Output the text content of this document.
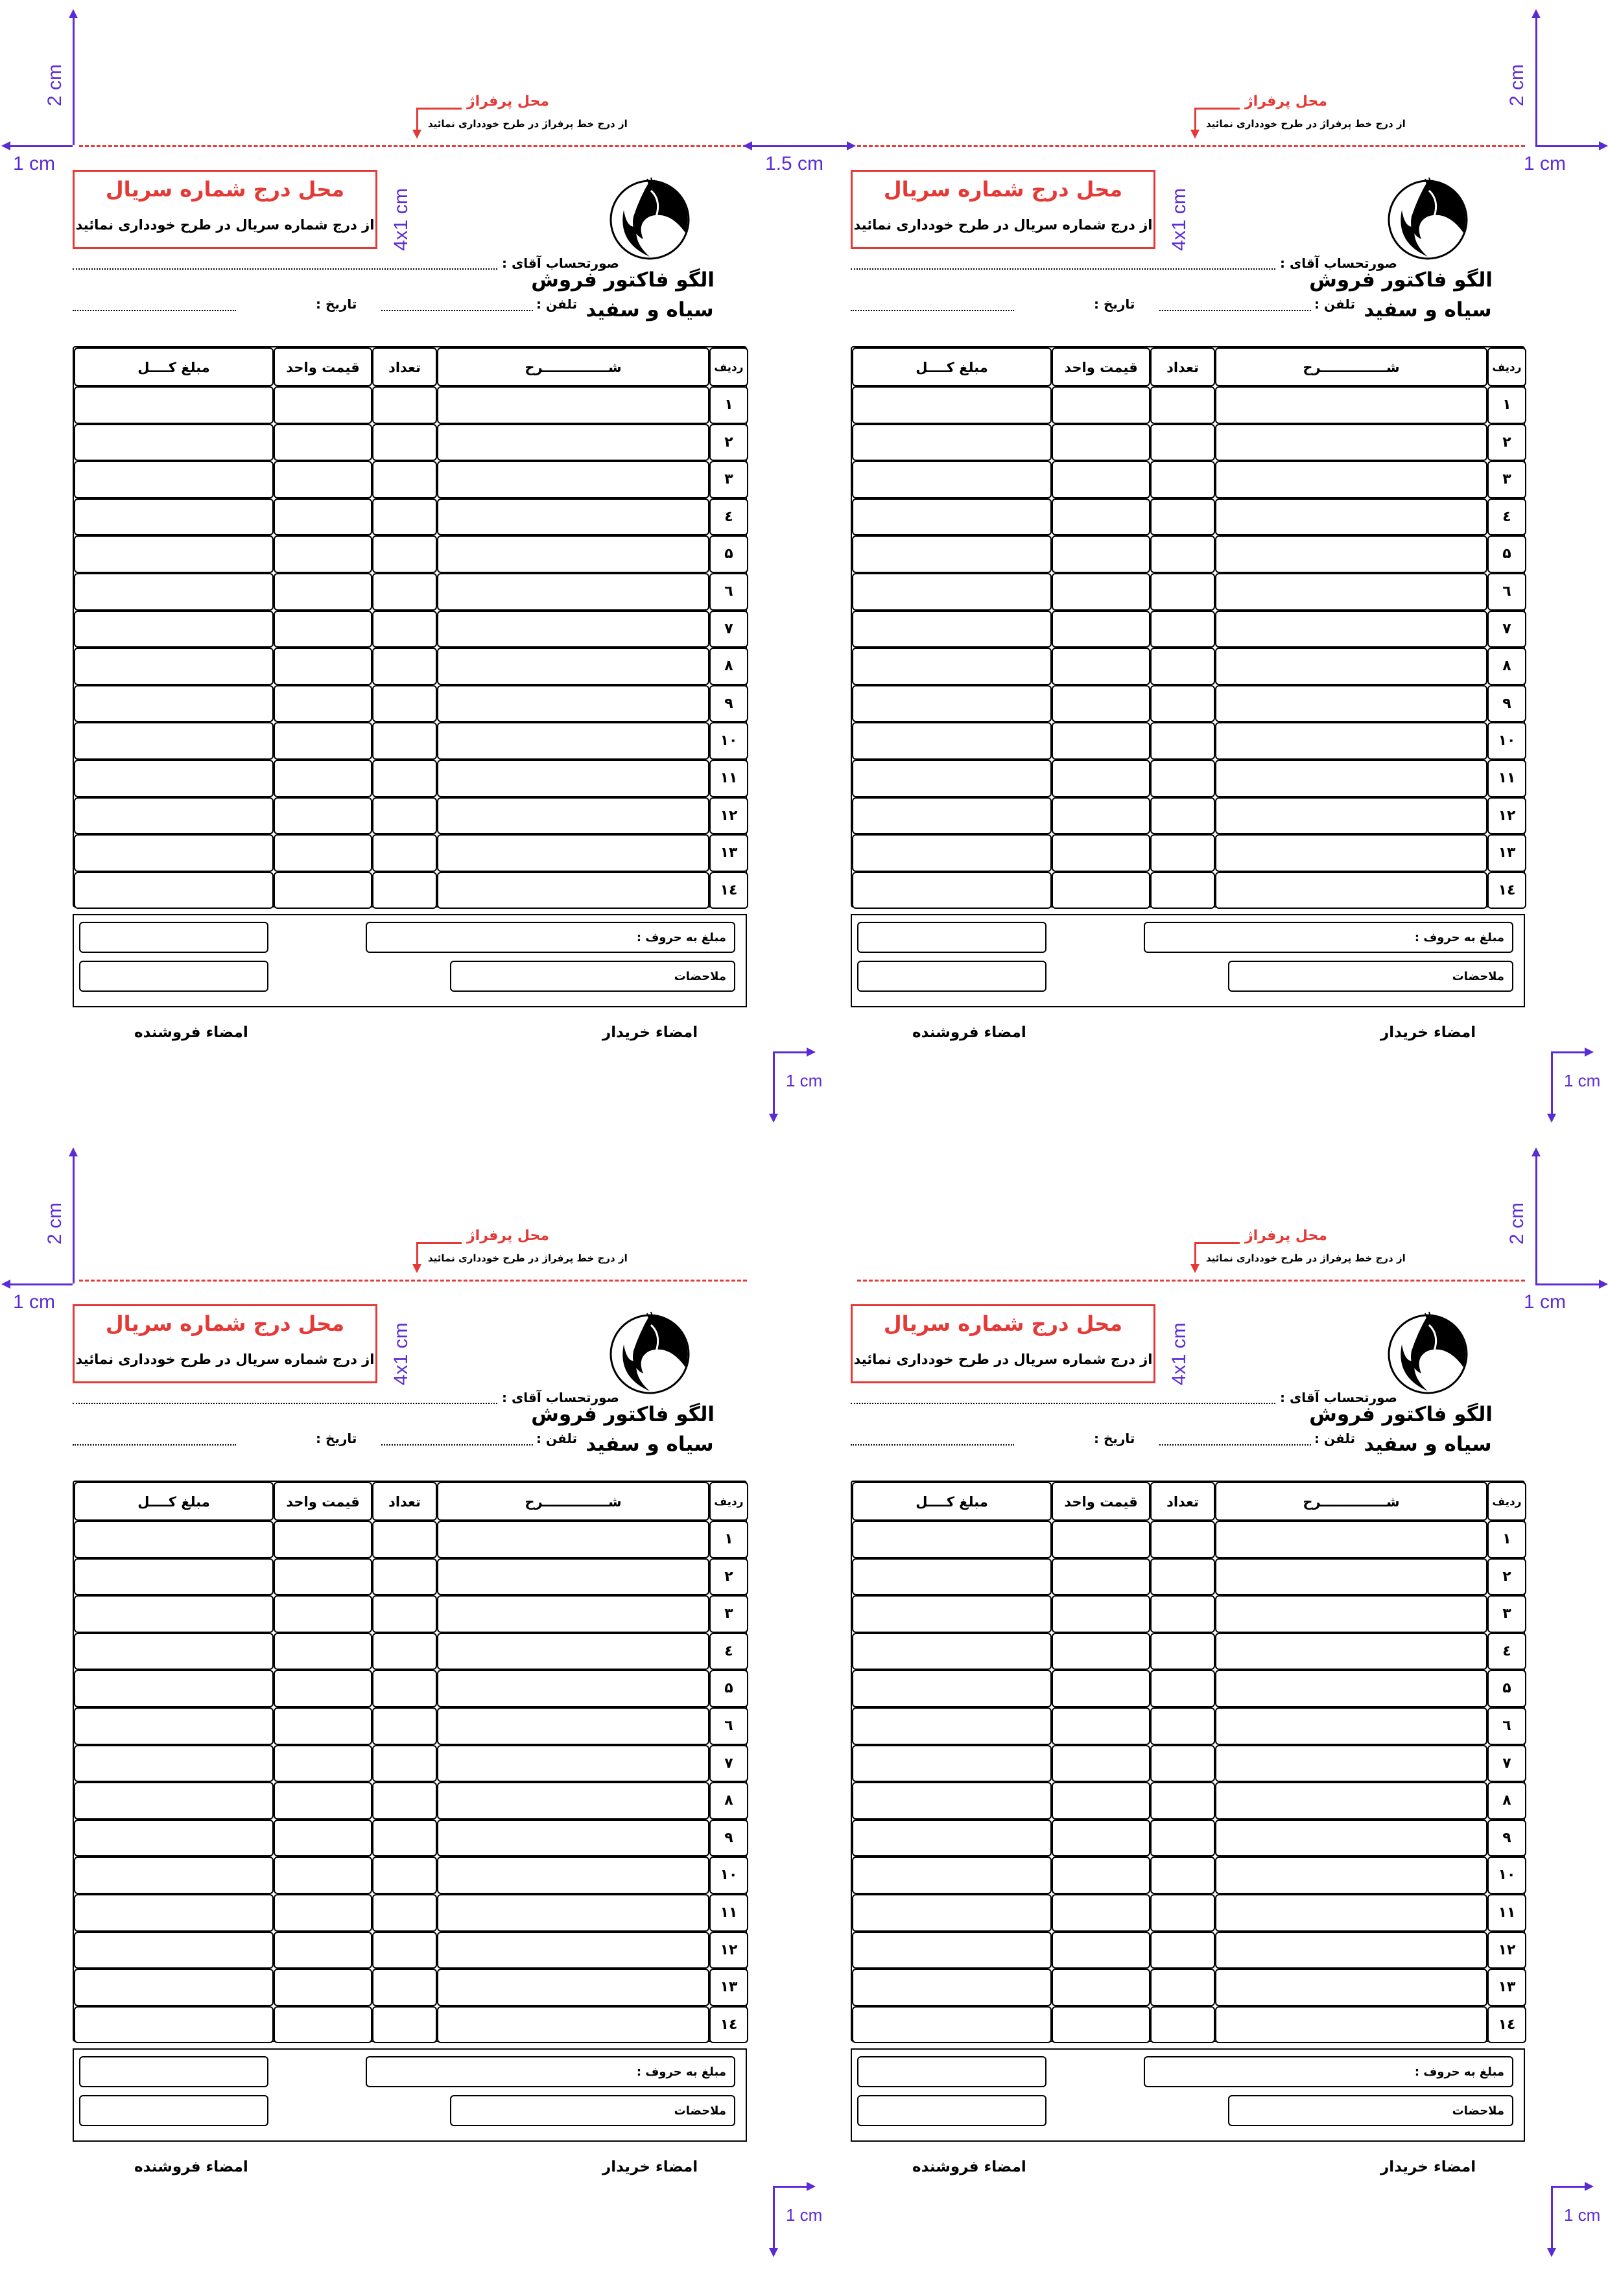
محل درج شماره سریال
از درج شماره سریال در طرح خودداری نمائید 4x1 cm
الگو فاکتور فروش
سیاه و سفید
صورتحساب آقای :
تلفن :
تاریخ :
مبلغ کــــل	قیمت واحد	تعداد	شــــــــــــــرح	ردیف
۱
۲
۳
٤
۵
٦
۷
۸
۹
۱۰
۱۱
۱۲
۱۳
۱٤
مبلغ به حروف :
ملاحضات
امضاء خریدار
امضاء فروشنده
محل پرفراژ
از درج خط پرفراژ در طرح خودداری نمائید
1 cm
محل درج شماره سریال
از درج شماره سریال در طرح خودداری نمائید 4x1 cm
الگو فاکتور فروش
سیاه و سفید
صورتحساب آقای :
تلفن :
تاریخ :
مبلغ کــــل	قیمت واحد	تعداد	شــــــــــــــرح	ردیف
۱
۲
۳
٤
۵
٦
۷
۸
۹
۱۰
۱۱
۱۲
۱۳
۱٤
مبلغ به حروف :
ملاحضات
امضاء خریدار
امضاء فروشنده
محل پرفراژ
از درج خط پرفراژ در طرح خودداری نمائید
1 cm
محل درج شماره سریال
از درج شماره سریال در طرح خودداری نمائید 4x1 cm
الگو فاکتور فروش
سیاه و سفید
صورتحساب آقای :
تلفن :
تاریخ :
مبلغ کــــل	قیمت واحد	تعداد	شــــــــــــــرح	ردیف
۱
۲
۳
٤
۵
٦
۷
۸
۹
۱۰
۱۱
۱۲
۱۳
۱٤
مبلغ به حروف :
ملاحضات
امضاء خریدار
امضاء فروشنده
محل پرفراژ
از درج خط پرفراژ در طرح خودداری نمائید
1 cm
محل درج شماره سریال
از درج شماره سریال در طرح خودداری نمائید 4x1 cm
الگو فاکتور فروش
سیاه و سفید
صورتحساب آقای :
تلفن :
تاریخ :
مبلغ کــــل	قیمت واحد	تعداد	شــــــــــــــرح	ردیف
۱
۲
۳
٤
۵
٦
۷
۸
۹
۱۰
۱۱
۱۲
۱۳
۱٤
مبلغ به حروف :
ملاحضات
امضاء خریدار
امضاء فروشنده
محل پرفراژ
از درج خط پرفراژ در طرح خودداری نمائید
1 cm
2 cm	2 cm
1 cm	1 cm
1.5 cm
2 cm	2 cm
1 cm	1 cm
